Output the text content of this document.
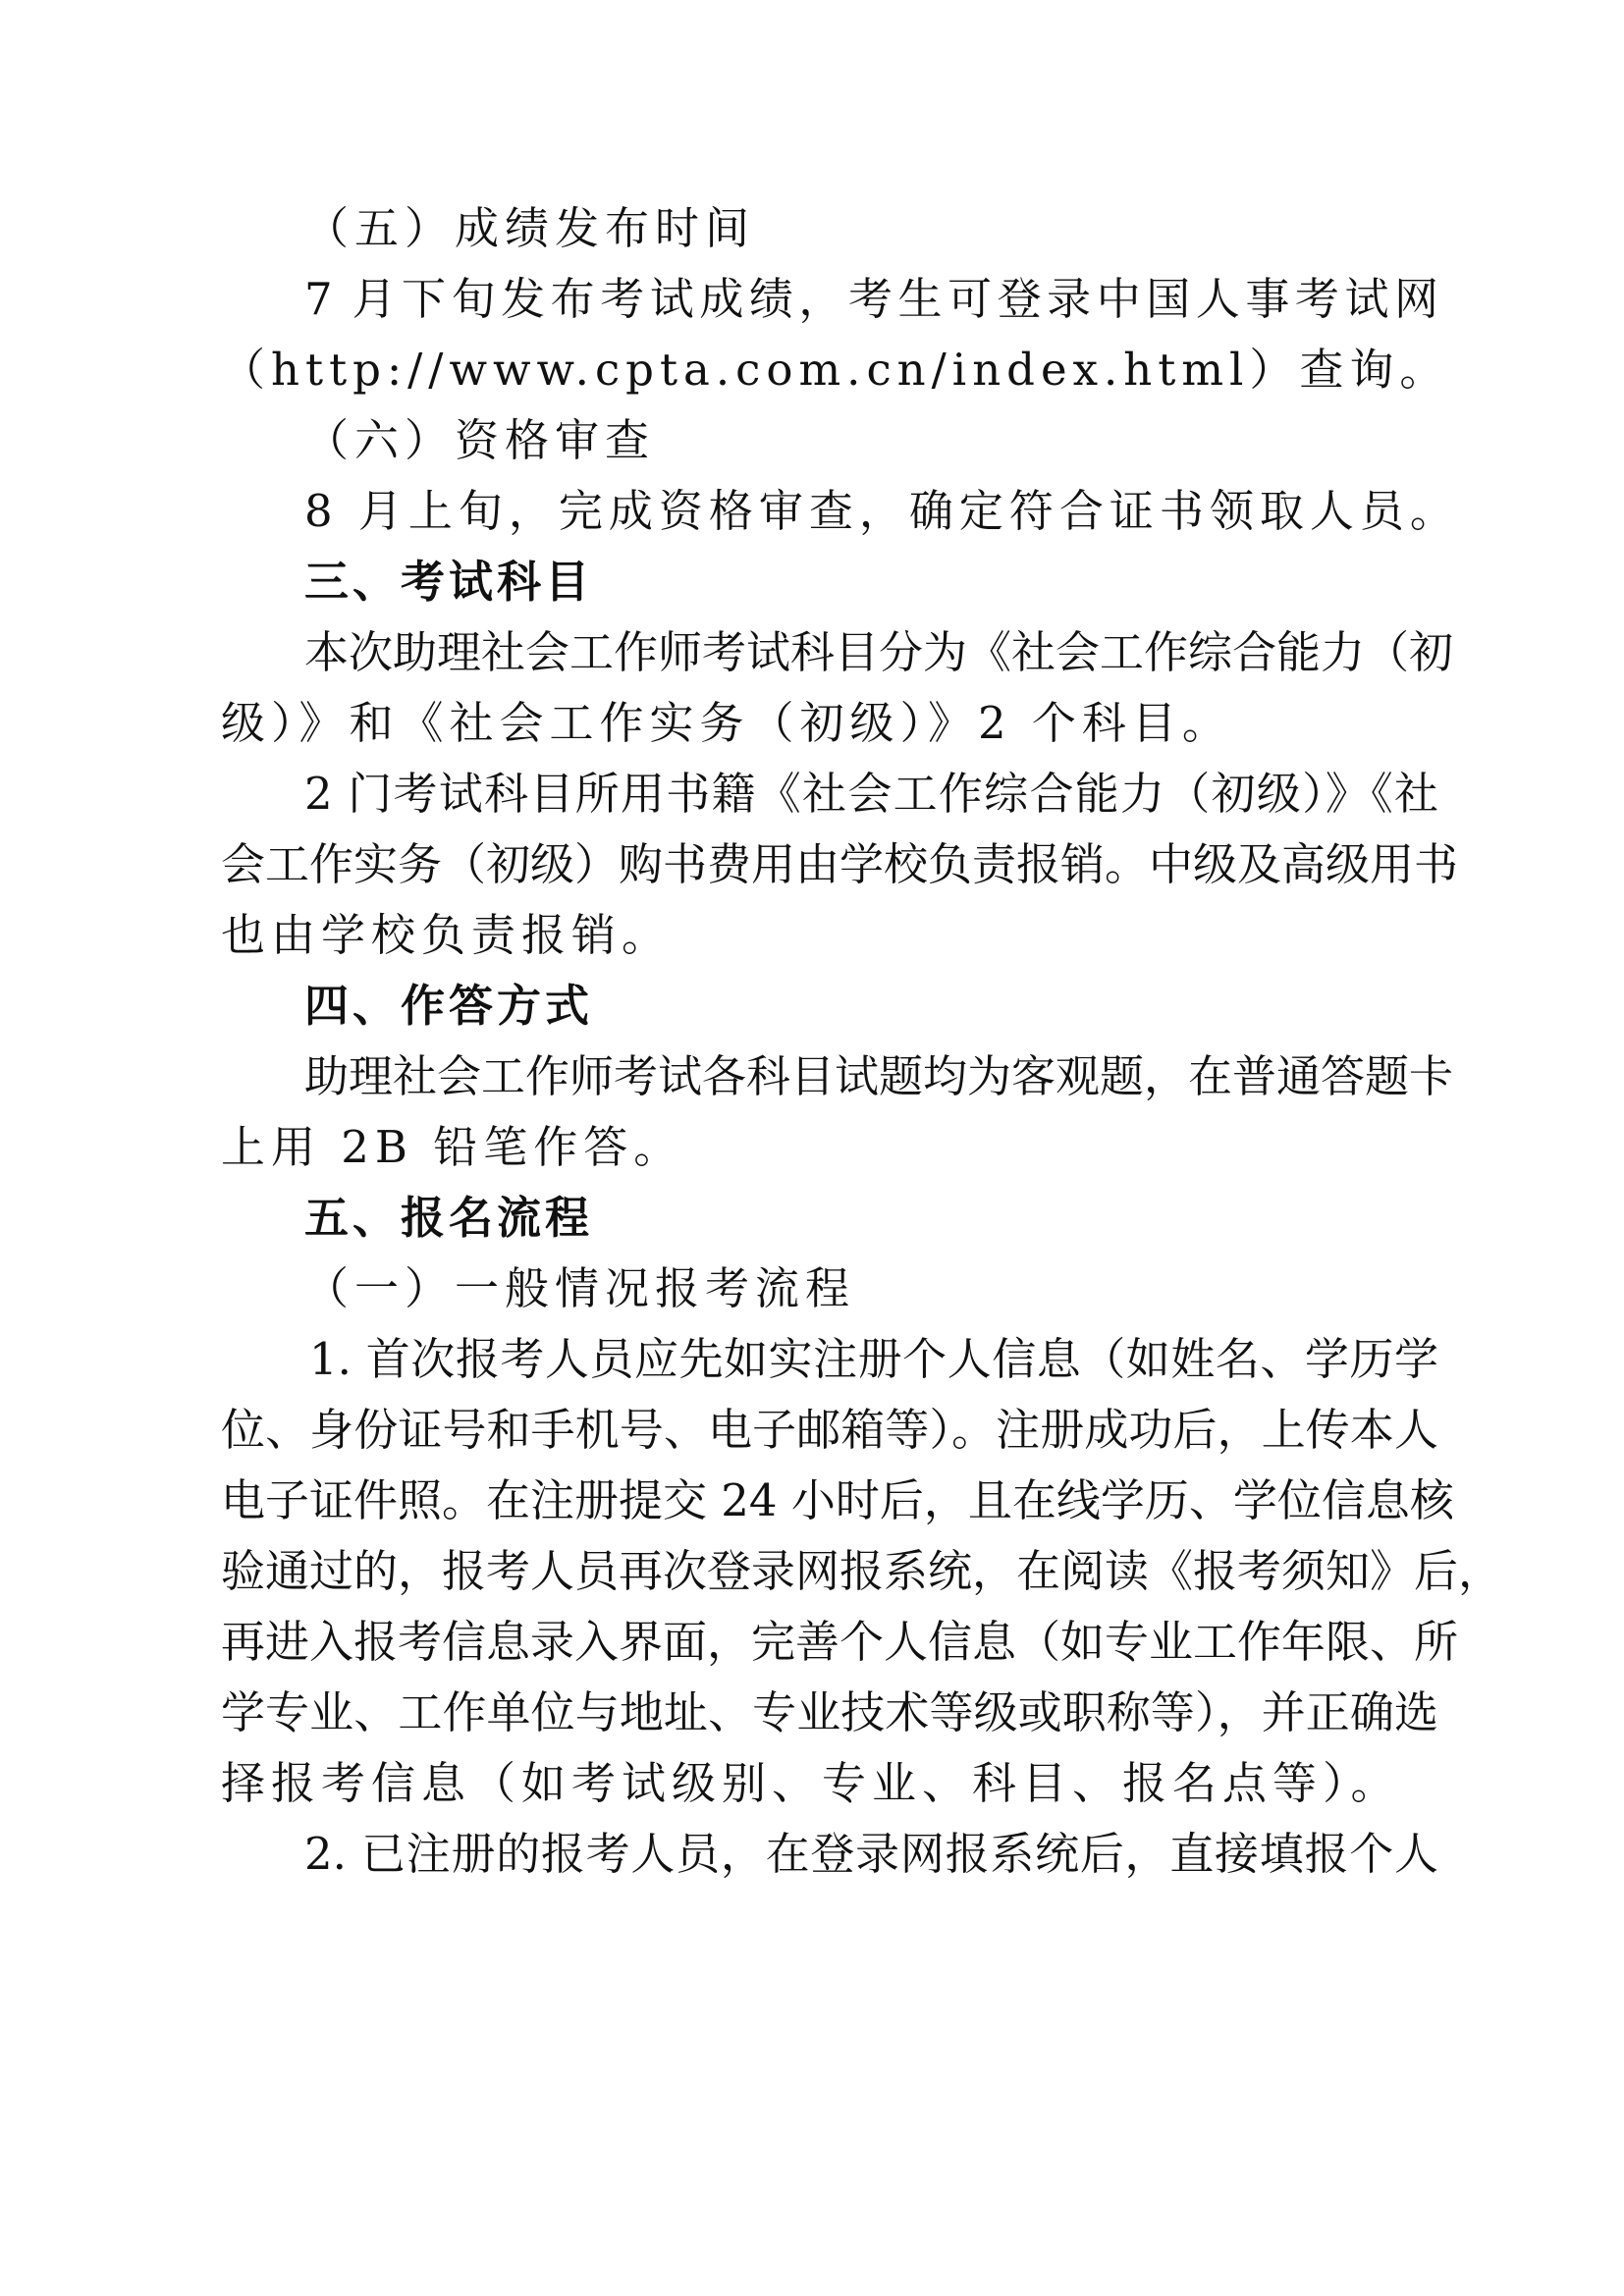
（五）成绩发布时间
7 月下旬发布考试成绩，考生可登录中国人事考试网
（http://www.cpta.com.cn/index.html）查询。
（六）资格审查
8 月上旬，完成资格审查，确定符合证书领取人员。
三、考试科目
本次助理社会工作师考试科目分为《社会工作综合能力（初
级）》和《社会工作实务（初级）》2 个科目。
2 门考试科目所用书籍《社会工作综合能力（初级）》《社
会工作实务（初级）购书费用由学校负责报销。中级及高级用书
也由学校负责报销。
四、作答方式
助理社会工作师考试各科目试题均为客观题，在普通答题卡
上用 2B 铅笔作答。
五、报名流程
（一）一般情况报考流程
1. 首次报考人员应先如实注册个人信息（如姓名、学历学
位、身份证号和手机号、电子邮箱等）。注册成功后，上传本人
电子证件照。在注册提交 24 小时后，且在线学历、学位信息核
验通过的，报考人员再次登录网报系统，在阅读《报考须知》后，
再进入报考信息录入界面，完善个人信息（如专业工作年限、所
学专业、工作单位与地址、专业技术等级或职称等），并正确选
择报考信息（如考试级别、专业、科目、报名点等）。
2. 已注册的报考人员，在登录网报系统后，直接填报个人
